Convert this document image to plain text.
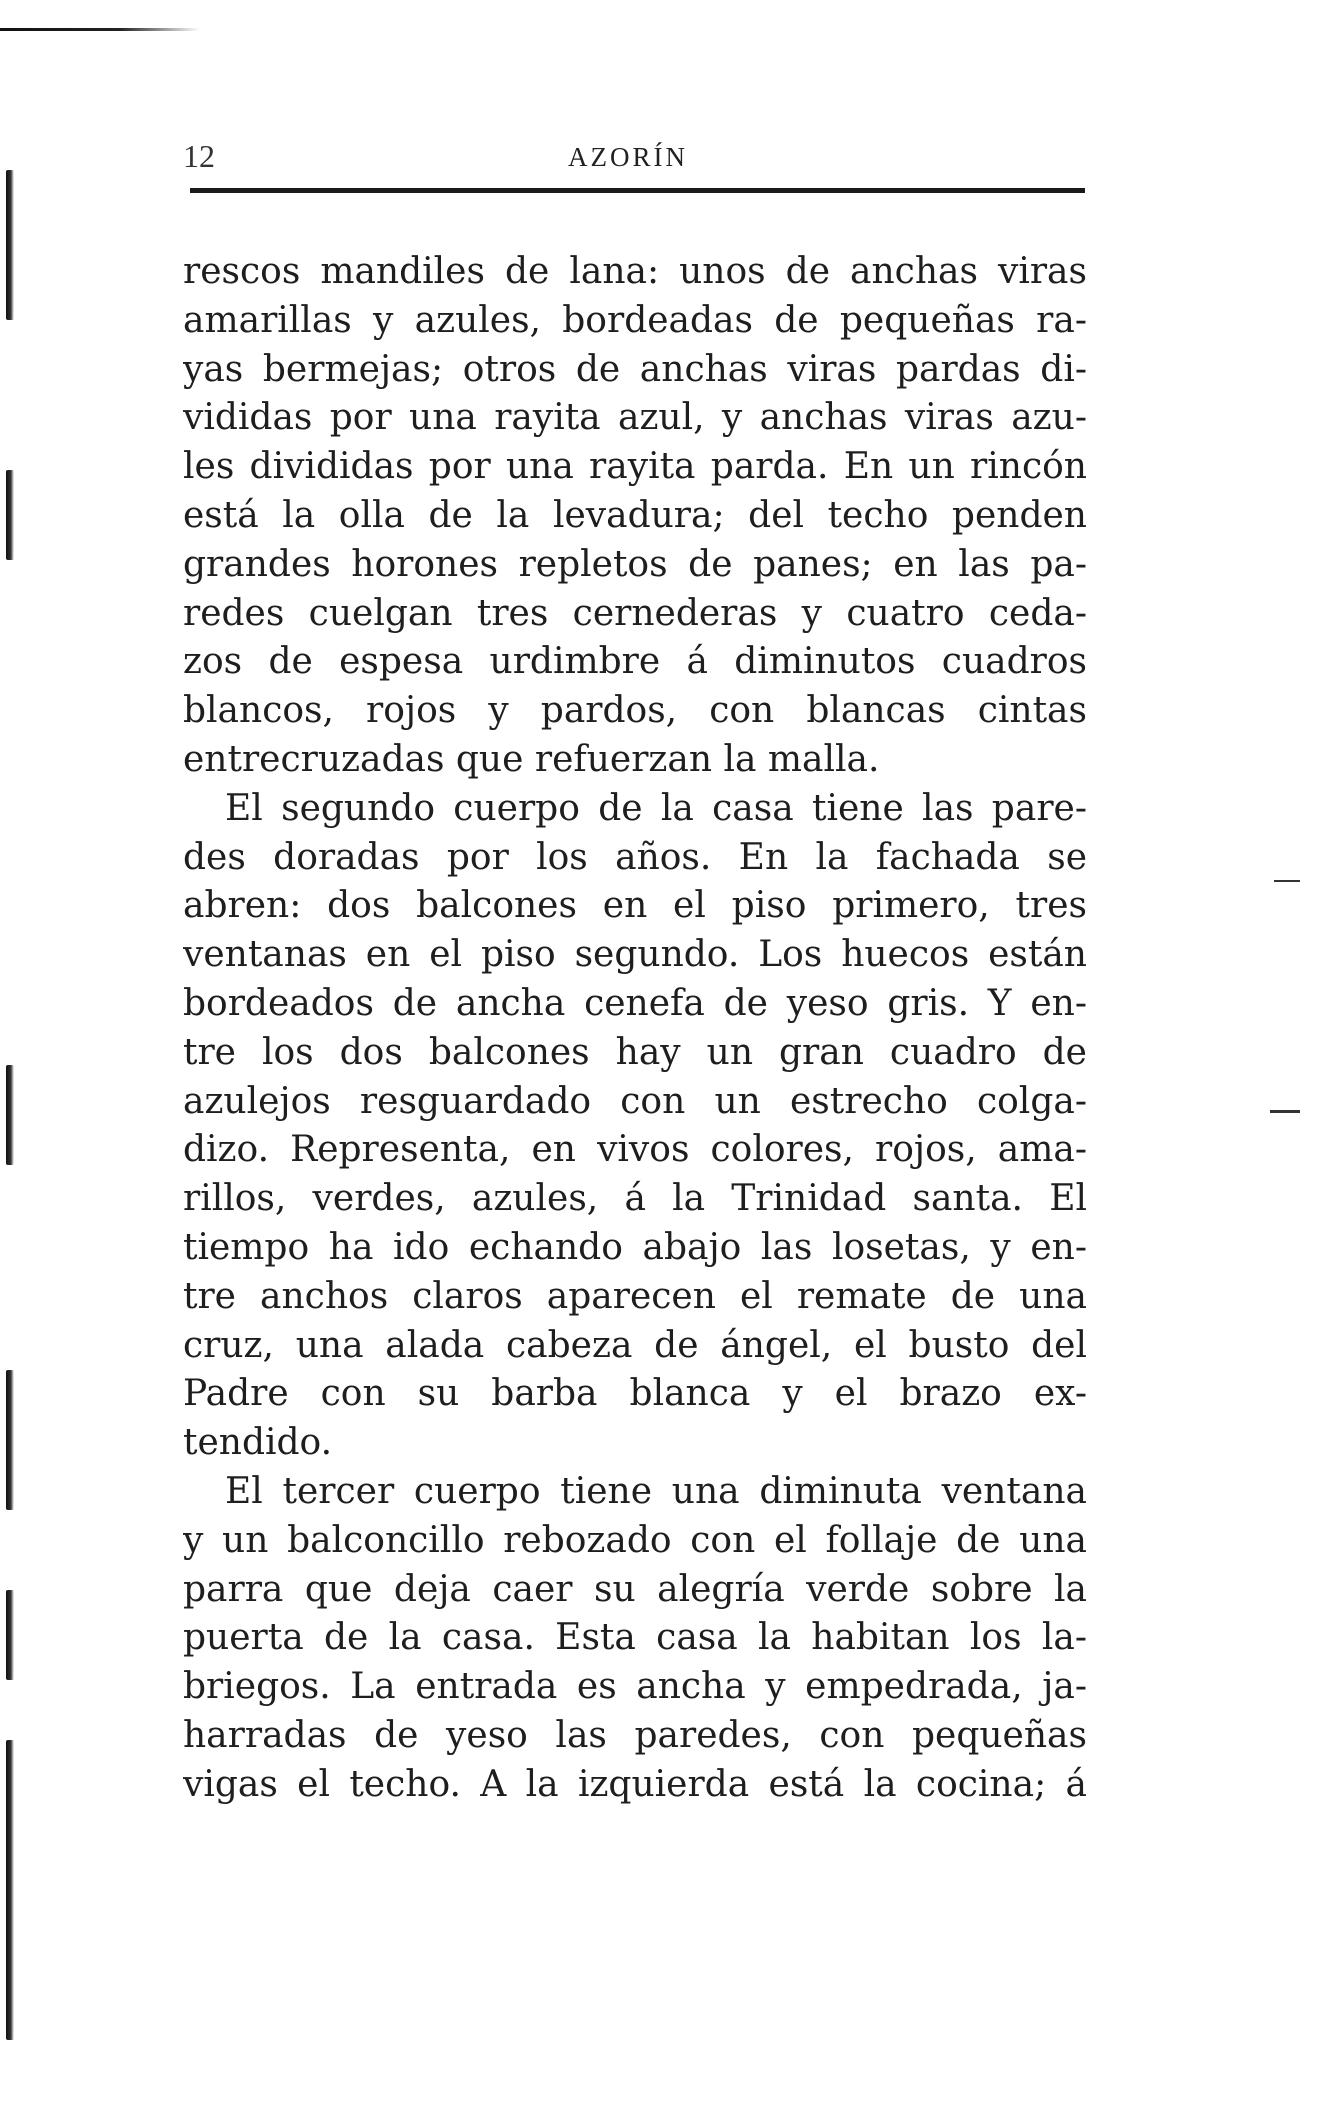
12	AZORÍN
rescos mandiles de lana: unos de anchas viras
amarillas y azules, bordeadas de pequeñas ra-
yas bermejas; otros de anchas viras pardas di-
vididas por una rayita azul, y anchas viras azu-
les divididas por una rayita parda. En un rincón
está la olla de la levadura; del techo penden
grandes horones repletos de panes; en las pa-
redes cuelgan tres cernederas y cuatro ceda-
zos de espesa urdimbre á diminutos cuadros
blancos, rojos y pardos, con blancas cintas
entrecruzadas que refuerzan la malla.
El segundo cuerpo de la casa tiene las pare-
des doradas por los años. En la fachada se
abren: dos balcones en el piso primero, tres
ventanas en el piso segundo. Los huecos están
bordeados de ancha cenefa de yeso gris. Y en-
tre los dos balcones hay un gran cuadro de
azulejos resguardado con un estrecho colga-
dizo. Representa, en vivos colores, rojos, ama-
rillos, verdes, azules, á la Trinidad santa. El
tiempo ha ido echando abajo las losetas, y en-
tre anchos claros aparecen el remate de una
cruz, una alada cabeza de ángel, el busto del
Padre con su barba blanca y el brazo ex-
tendido.
El tercer cuerpo tiene una diminuta ventana
y un balconcillo rebozado con el follaje de una
parra que deja caer su alegría verde sobre la
puerta de la casa. Esta casa la habitan los la-
briegos. La entrada es ancha y empedrada, ja-
harradas de yeso las paredes, con pequeñas
vigas el techo. A la izquierda está la cocina; á
